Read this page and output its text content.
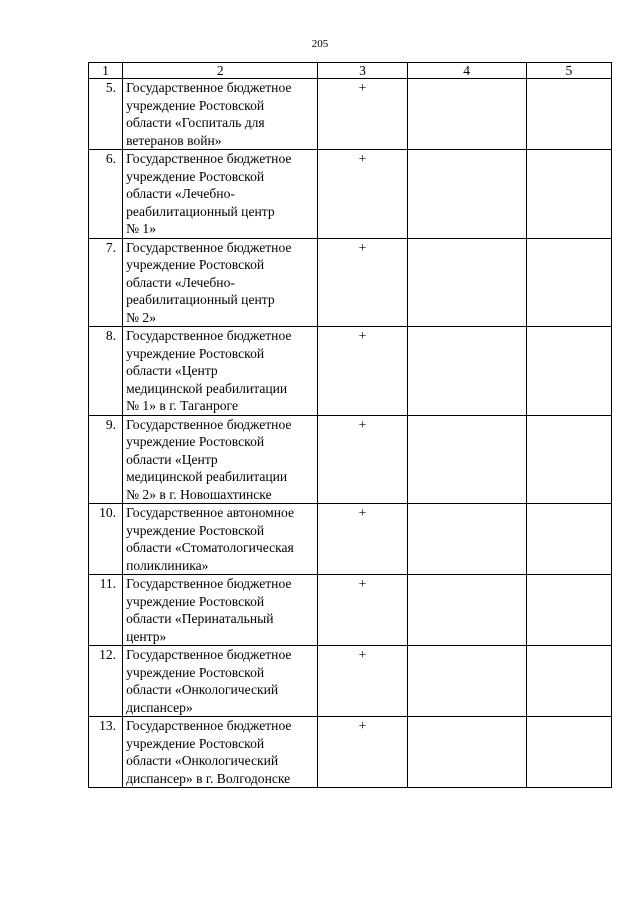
205
1	2	3	4	5
5.	Государственное бюджетное
учреждение Ростовской
области «Госпиталь для
ветеранов войн»	+		
6.	Государственное бюджетное
учреждение Ростовской
области «Лечебно-
реабилитационный центр
№ 1»	+		
7.	Государственное бюджетное
учреждение Ростовской
области «Лечебно-
реабилитационный центр
№ 2»	+		
8.	Государственное бюджетное
учреждение Ростовской
области «Центр
медицинской реабилитации
№ 1» в г. Таганроге	+		
9.	Государственное бюджетное
учреждение Ростовской
области «Центр
медицинской реабилитации
№ 2» в г. Новошахтинске	+		
10.	Государственное автономное
учреждение Ростовской
области «Стоматологическая
поликлиника»	+		
11.	Государственное бюджетное
учреждение Ростовской
области «Перинатальный
центр»	+		
12.	Государственное бюджетное
учреждение Ростовской
области «Онкологический
диспансер»	+		
13.	Государственное бюджетное
учреждение Ростовской
области «Онкологический
диспансер» в г. Волгодонске	+		
